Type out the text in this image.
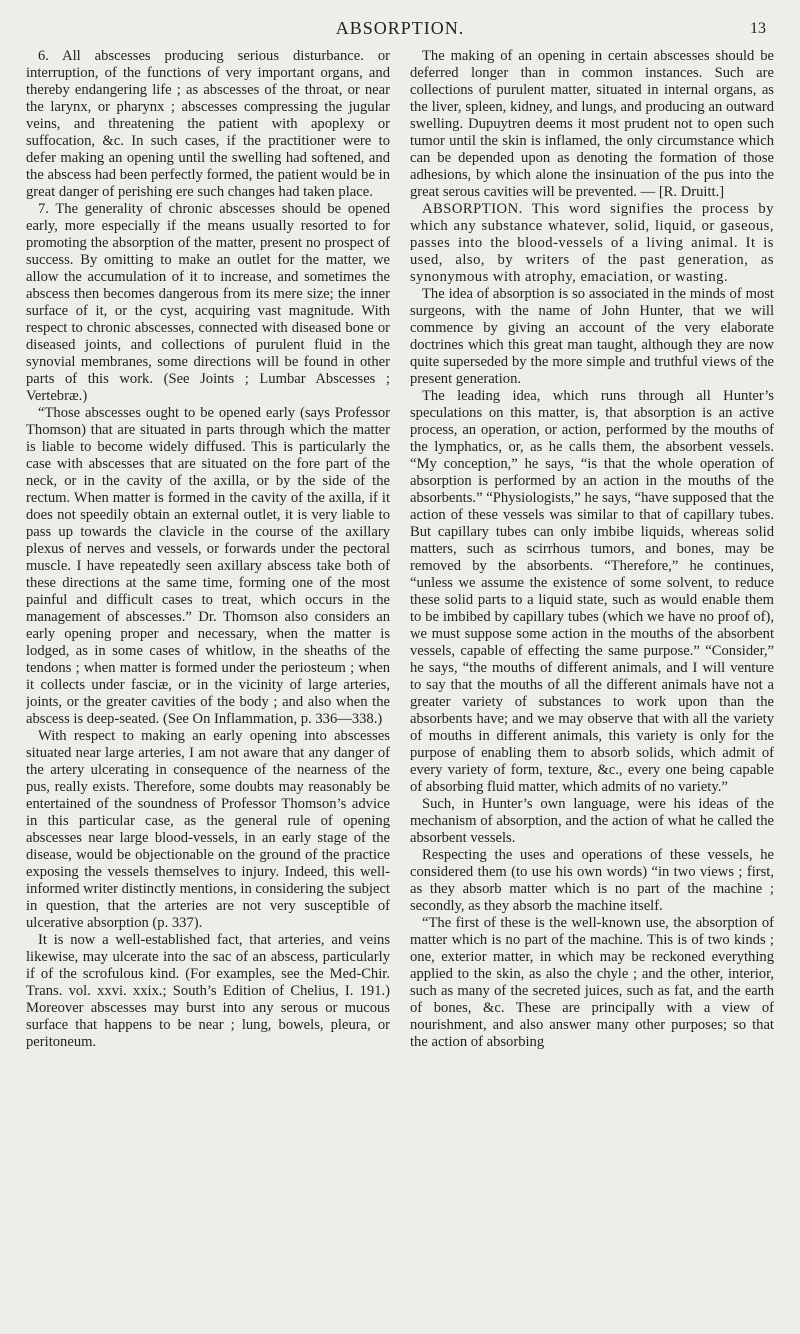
ABSORPTION.	13

6. All abscesses producing serious disturbance. or interruption, of the functions of very important organs, and thereby endangering life ; as abscesses of the throat, or near the larynx, or pharynx ; abscesses compressing the jugular veins, and threatening the patient with apoplexy or suffocation, &c. In such cases, if the practitioner were to defer making an opening until the swelling had softened, and the abscess had been perfectly formed, the patient would be in great danger of perishing ere such changes had taken place.

7. The generality of chronic abscesses should be opened early, more especially if the means usually resorted to for promoting the absorption of the matter, present no prospect of success. By omitting to make an outlet for the matter, we allow the accumulation of it to increase, and sometimes the abscess then becomes dangerous from its mere size; the inner surface of it, or the cyst, acquiring vast magnitude. With respect to chronic abscesses, connected with diseased bone or diseased joints, and collections of purulent fluid in the synovial membranes, some directions will be found in other parts of this work. (See Joints ; Lumbar Abscesses ; Vertebræ.)

“Those abscesses ought to be opened early (says Professor Thomson) that are situated in parts through which the matter is liable to become widely diffused. This is particularly the case with abscesses that are situated on the fore part of the neck, or in the cavity of the axilla, or by the side of the rectum. When matter is formed in the cavity of the axilla, if it does not speedily obtain an external outlet, it is very liable to pass up towards the clavicle in the course of the axillary plexus of nerves and vessels, or forwards under the pectoral muscle. I have repeatedly seen axillary abscess take both of these directions at the same time, forming one of the most painful and difficult cases to treat, which occurs in the management of abscesses.” Dr. Thomson also considers an early opening proper and necessary, when the matter is lodged, as in some cases of whitlow, in the sheaths of the tendons ; when matter is formed under the periosteum ; when it collects under fasciæ, or in the vicinity of large arteries, joints, or the greater cavities of the body ; and also when the abscess is deep-seated. (See On Inflammation, p. 336—338.)

With respect to making an early opening into abscesses situated near large arteries, I am not aware that any danger of the artery ulcerating in consequence of the nearness of the pus, really exists. Therefore, some doubts may reasonably be entertained of the soundness of Professor Thomson’s advice in this particular case, as the general rule of opening abscesses near large blood-vessels, in an early stage of the disease, would be objectionable on the ground of the practice exposing the vessels themselves to injury. Indeed, this well-informed writer distinctly mentions, in considering the subject in question, that the arteries are not very susceptible of ulcerative absorption (p. 337).

It is now a well-established fact, that arteries, and veins likewise, may ulcerate into the sac of an abscess, particularly if of the scrofulous kind. (For examples, see the Med-Chir. Trans. vol. xxvi. xxix.; South’s Edition of Chelius, I. 191.) Moreover abscesses may burst into any serous or mucous surface that happens to be near ; lung, bowels, pleura, or peritoneum.

The making of an opening in certain abscesses should be deferred longer than in common instances. Such are collections of purulent matter, situated in internal organs, as the liver, spleen, kidney, and lungs, and producing an outward swelling. Dupuytren deems it most prudent not to open such tumor until the skin is inflamed, the only circumstance which can be depended upon as denoting the formation of those adhesions, by which alone the insinuation of the pus into the great serous cavities will be prevented. — [R. Druitt.]

ABSORPTION. This word signifies the process by which any substance whatever, solid, liquid, or gaseous, passes into the blood-vessels of a living animal. It is used, also, by writers of the past generation, as synonymous with atrophy, emaciation, or wasting.

The idea of absorption is so associated in the minds of most surgeons, with the name of John Hunter, that we will commence by giving an account of the very elaborate doctrines which this great man taught, although they are now quite superseded by the more simple and truthful views of the present generation.

The leading idea, which runs through all Hunter’s speculations on this matter, is, that absorption is an active process, an operation, or action, performed by the mouths of the lymphatics, or, as he calls them, the absorbent vessels. “My conception,” he says, “is that the whole operation of absorption is performed by an action in the mouths of the absorbents.” “Physiologists,” he says, “have supposed that the action of these vessels was similar to that of capillary tubes. But capillary tubes can only imbibe liquids, whereas solid matters, such as scirrhous tumors, and bones, may be removed by the absorbents. “Therefore,” he continues, “unless we assume the existence of some solvent, to reduce these solid parts to a liquid state, such as would enable them to be imbibed by capillary tubes (which we have no proof of), we must suppose some action in the mouths of the absorbent vessels, capable of effecting the same purpose.” “Consider,” he says, “the mouths of different animals, and I will venture to say that the mouths of all the different animals have not a greater variety of substances to work upon than the absorbents have; and we may observe that with all the variety of mouths in different animals, this variety is only for the purpose of enabling them to absorb solids, which admit of every variety of form, texture, &c., every one being capable of absorbing fluid matter, which admits of no variety.”

Such, in Hunter’s own language, were his ideas of the mechanism of absorption, and the action of what he called the absorbent vessels.

Respecting the uses and operations of these vessels, he considered them (to use his own words) “in two views ; first, as they absorb matter which is no part of the machine ; secondly, as they absorb the machine itself.

“The first of these is the well-known use, the absorption of matter which is no part of the machine. This is of two kinds ; one, exterior matter, in which may be reckoned everything applied to the skin, as also the chyle ; and the other, interior, such as many of the secreted juices, such as fat, and the earth of bones, &c. These are principally with a view of nourishment, and also answer many other purposes; so that the action of absorbing
